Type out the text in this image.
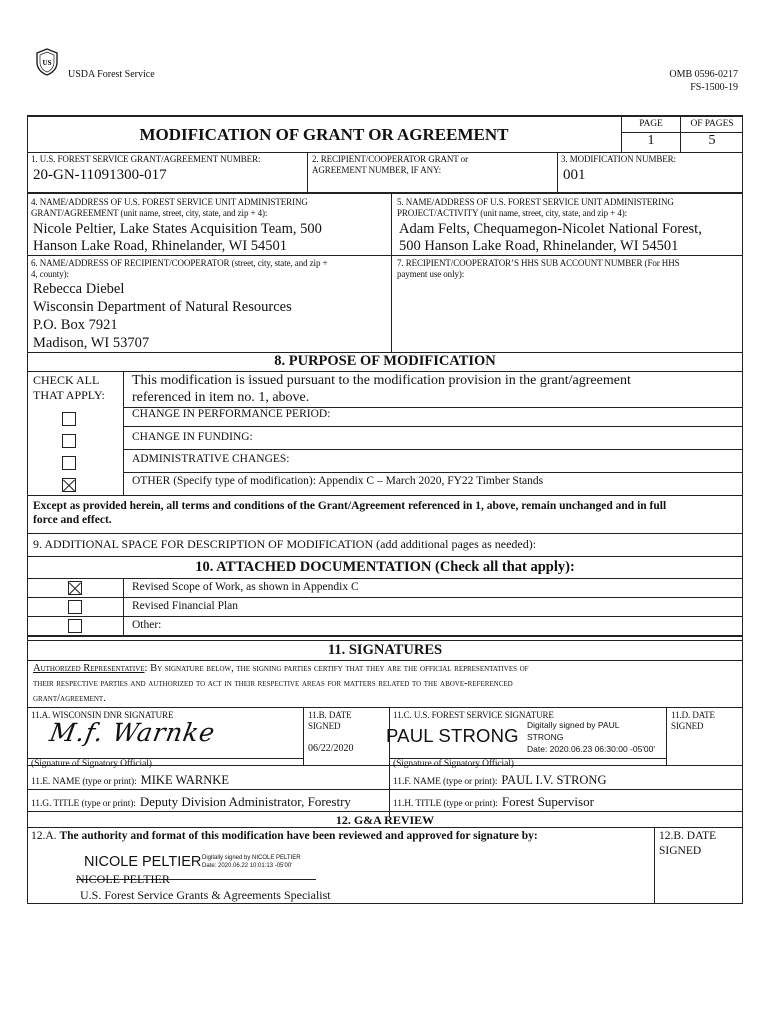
US
USDA Forest Service	OMB 0596-0217
FS-1500-19
MODIFICATION OF GRANT OR AGREEMENT
PAGE	OF PAGES
1	5
1. U.S. FOREST SERVICE GRANT/AGREEMENT NUMBER:
20-GN-11091300-017
2. RECIPIENT/COOPERATOR GRANT or
AGREEMENT NUMBER, IF ANY:
3. MODIFICATION NUMBER:
001
4. NAME/ADDRESS OF U.S. FOREST SERVICE UNIT ADMINISTERING
GRANT/AGREEMENT (unit name, street, city, state, and zip + 4):
Nicole Peltier, Lake States Acquisition Team, 500
Hanson Lake Road, Rhinelander, WI 54501
5. NAME/ADDRESS OF U.S. FOREST SERVICE UNIT ADMINISTERING
PROJECT/ACTIVITY (unit name, street, city, state, and zip + 4):
Adam Felts, Chequamegon-Nicolet National Forest,
500 Hanson Lake Road, Rhinelander, WI 54501
6. NAME/ADDRESS OF RECIPIENT/COOPERATOR (street, city, state, and zip +
4, county):
Rebecca Diebel
Wisconsin Department of Natural Resources
P.O. Box 7921
Madison, WI 53707
7. RECIPIENT/COOPERATOR’S HHS SUB ACCOUNT NUMBER (For HHS
payment use only):
8. PURPOSE OF MODIFICATION
CHECK ALL
THAT APPLY:
This modification is issued pursuant to the modification provision in the grant/agreement
referenced in item no. 1, above.
CHANGE IN PERFORMANCE PERIOD:
CHANGE IN FUNDING:
ADMINISTRATIVE CHANGES:
OTHER (Specify type of modification): Appendix C – March 2020, FY22 Timber Stands
Except as provided herein, all terms and conditions of the Grant/Agreement referenced in 1, above, remain unchanged and in full
force and effect.
9. ADDITIONAL SPACE FOR DESCRIPTION OF MODIFICATION (add additional pages as needed):
10. ATTACHED DOCUMENTATION (Check all that apply):
Revised Scope of Work, as shown in Appendix C
Revised Financial Plan
Other:
11. SIGNATURES
Authorized Representative: By signature below, the signing parties certify that they are the official representatives of
their respective parties and authorized to act in their respective areas for matters related to the above-referenced
grant/agreement.
11.A. WISCONSIN DNR SIGNATURE
M.f. Warnke
11.B. DATE
SIGNED
06/22/2020
11.C. U.S. FOREST SERVICE SIGNATURE
PAUL STRONG Digitally signed by PAUL
STRONG
Date: 2020.06.23 06:30:00 -05'00'
11.D. DATE
SIGNED
(Signature of Signatory Official)	(Signature of Signatory Official)
11.E. NAME (type or print): MIKE WARNKE	11.F. NAME (type or print): PAUL I.V. STRONG
11.G. TITLE (type or print): Deputy Division Administrator, Forestry	11.H. TITLE (type or print): Forest Supervisor
12. G&A REVIEW
12.A. The authority and format of this modification have been reviewed and approved for signature by:	12.B. DATE
SIGNED
NICOLE PELTIER Digitally signed by NICOLE PELTIER
Date: 2020.06.22 10:01:13 -05'00'
NICOLE PELTIER
U.S. Forest Service Grants & Agreements Specialist
